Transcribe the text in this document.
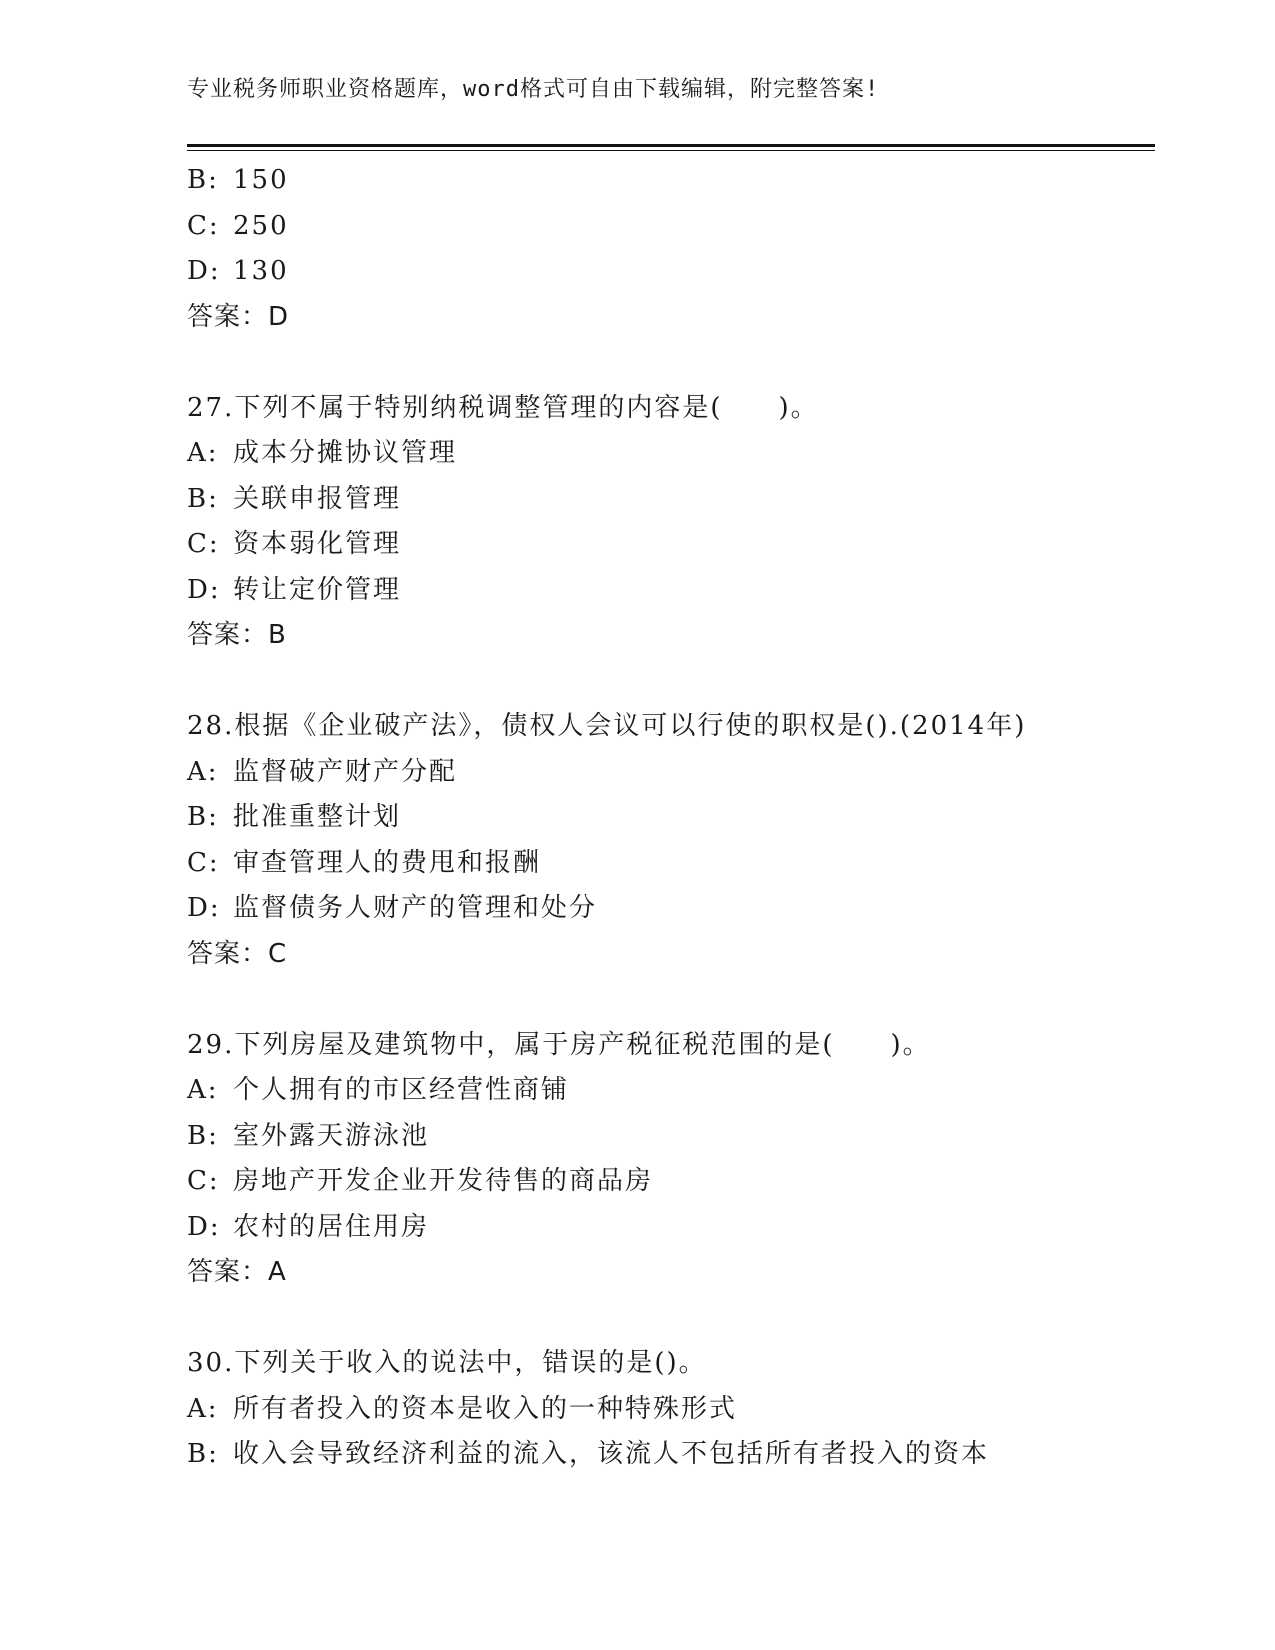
专业税务师职业资格题库，word格式可自由下载编辑，附完整答案!
B: 150
C: 250
D: 130
答案：D
27.下列不属于特别纳税调整管理的内容是(　　)。
A: 成本分摊协议管理
B: 关联申报管理
C: 资本弱化管理
D: 转让定价管理
答案：B
28.根据《企业破产法》，债权人会议可以行使的职权是().(2014年)
A: 监督破产财产分配
B: 批准重整计划
C: 审查管理人的费甩和报酬
D: 监督债务人财产的管理和处分
答案：C
29.下列房屋及建筑物中，属于房产税征税范围的是(　　)。
A: 个人拥有的市区经营性商铺
B: 室外露天游泳池
C: 房地产开发企业开发待售的商品房
D: 农村的居住用房
答案：A
30.下列关于收入的说法中，错误的是()。
A: 所有者投入的资本是收入的一种特殊形式
B: 收入会导致经济利益的流入，该流人不包括所有者投入的资本
